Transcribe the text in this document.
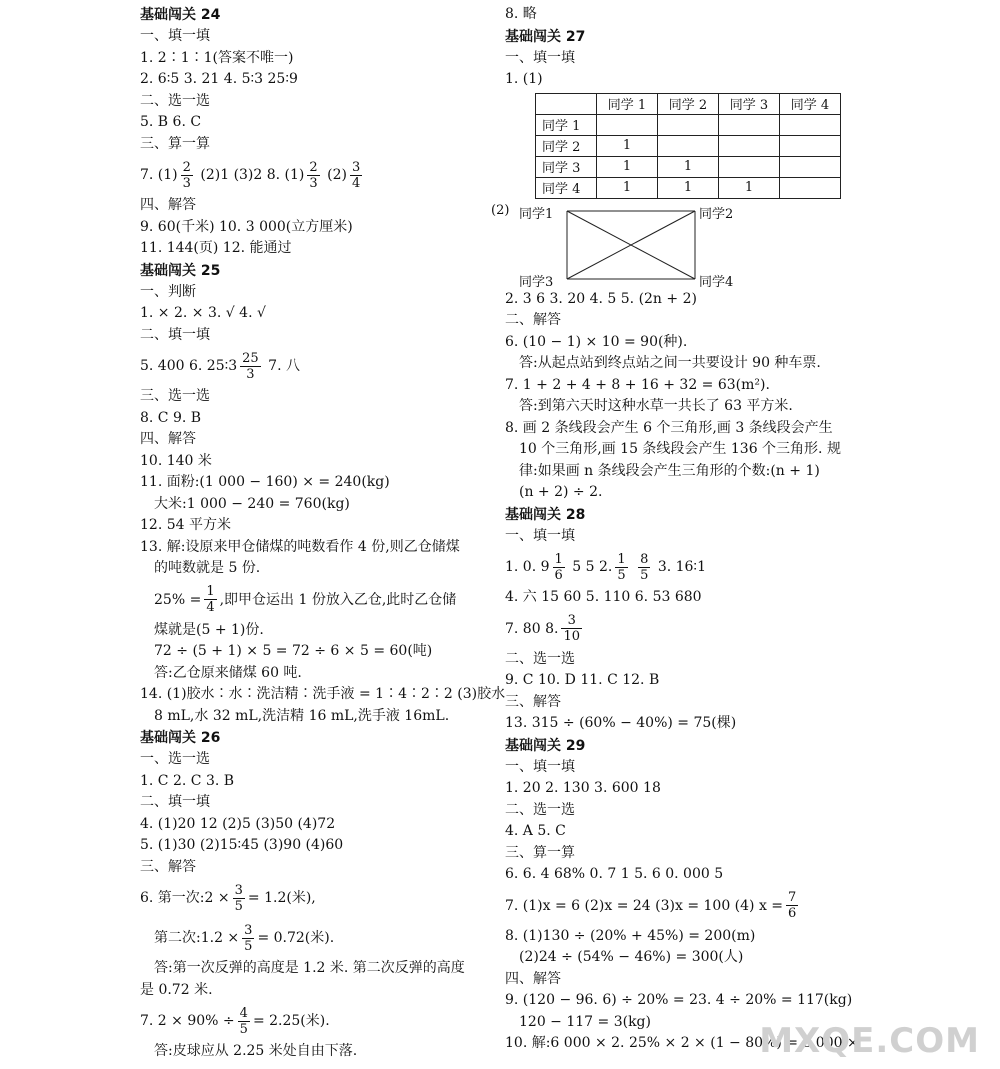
基础闯关 24
一、填一填
1. 2∶1∶1(答案不唯一)
2. 6∶5 3. 21 4. 5∶3 25∶9
二、选一选
5. B 6. C
三、算一算
7. $(1) \frac{2}{3} (2)1$ (3)2 8. $(1) \frac{2}{3} (2) \frac{3}{4}$
四、解答
9. 60(千米) 10. 3 000(立方厘米)
11. 144(页) 12. 能通过
基础闯关 25
一、判断
1. × 2. × 3. √ 4. √
二、填一填
5. 400 6. 25∶3 $\frac{25}{3} 7$. 八
三、选一选
8. C 9. B
四、解答
10. 140 米
11. 面粉:(1 000 − 160) × = 240(kg)
大米:1 000 − 240 = 760(kg)
12. 54 平方米
13. 解:设原来甲仓储煤的吨数看作 4 份,则乙仓储煤
的吨数就是 5 份.
$25\% = \frac{1}{4}$ ,即甲仓运出 1 份放入乙仓,此时乙仓储
煤就是(5 + 1)份.
72 ÷ (5 + 1) × 5 = 72 ÷ 6 × 5 = 60(吨)
答:乙仓原来储煤 60 吨.
14. (1)胶水∶水∶洗洁精∶洗手液 = 1∶4∶2∶2 (3)胶水
8 mL,水 32 mL,洗洁精 16 mL,洗手液 16mL.
基础闯关 26
一、选一选
1. C 2. C 3. B
二、填一填
4. (1)20 12 (2)5 (3)50 (4)72
5. (1)30 (2)15∶45 (3)90 (4)60
三、解答
6. 第一次:2 × $\frac{3}{5} = 1.2$(米),
第二次:1.2 × $\frac{3}{5} = 0.72$(米).
答:第一次反弹的高度是 1.2 米. 第二次反弹的高度
是 0.72 米.
7. $2 \times 90\% \div \frac{4}{5} = 2.25$(米).
答:皮球应从 2.25 米处自由下落.
8. 略
基础闯关 27
一、填一填
1. (1)
	同学 1	同学 2	同学 3	同学 4
同学 1				
同学 2	1			
同学 3	1	1		
同学 4	1	1	1	
(2) 同学1	同学2
同学3	同学4
2. 3 6 3. 20 4. 5 5. (2n + 2)
二、解答
6. (10 − 1) × 10 = 90(种).
答:从起点站到终点站之间一共要设计 90 种车票.
7. 1 + 2 + 4 + 8 + 16 + 32 = 63(m²).
答:到第六天时这种水草一共长了 63 平方米.
8. 画 2 条线段会产生 6 个三角形,画 3 条线段会产生
10 个三角形,画 15 条线段会产生 136 个三角形. 规
律:如果画 n 条线段会产生三角形的个数:(n + 1)
(n + 2) ÷ 2.
基础闯关 28
一、填一填
1. 0. $9 \frac{1}{6} 5$ 5 2. $\frac{1}{5}$
$\frac{8}{5} 3$. 16∶1
4. 六 15 60 5. 110 6. 53 680
7. 80 8. $\frac{3}{10}$
二、选一选
9. C 10. D 11. C 12. B
三、解答
13. 315 ÷ (60% − 40%) = 75(棵)
基础闯关 29
一、填一填
1. 20 2. 130 3. 600 18
二、选一选
4. A 5. C
三、算一算
6. 6. 4 68% 0. 7 1 5. 6 0. 000 5
7. (1)x = 6 (2)x = 24 (3)x = 100 (4) $x = \frac{7}{6}$
8. (1)130 ÷ (20% + 45%) = 200(m)
(2)24 ÷ (54% − 46%) = 300(人)
四、解答
9. (120 − 96. 6) ÷ 20% = 23. 4 ÷ 20% = 117(kg)
120 − 117 = 3(kg)
10. 解:6 000 × 2. 25% × 2 × (1 − 80%) = 6 000 ×
MXQE.COM
